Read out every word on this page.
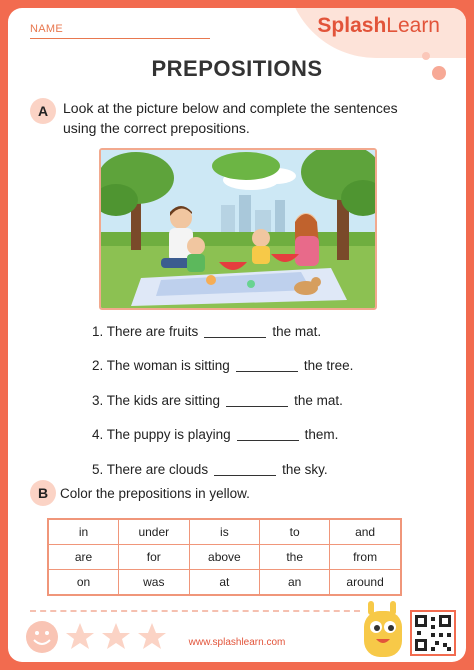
NAME	SplashLearn
PREPOSITIONS
A	Look at the picture below and complete the sentences
using the correct prepositions.
1. There are fruits	the mat.
2. The woman is sitting	the tree.
3. The kids are sitting	the mat.
4. The puppy is playing	them.
5. There are clouds	the sky.
B Color the prepositions in yellow.
in	under	is	to	and
are	for	above	the	from
on	was	at	an	around
www.splashlearn.com
